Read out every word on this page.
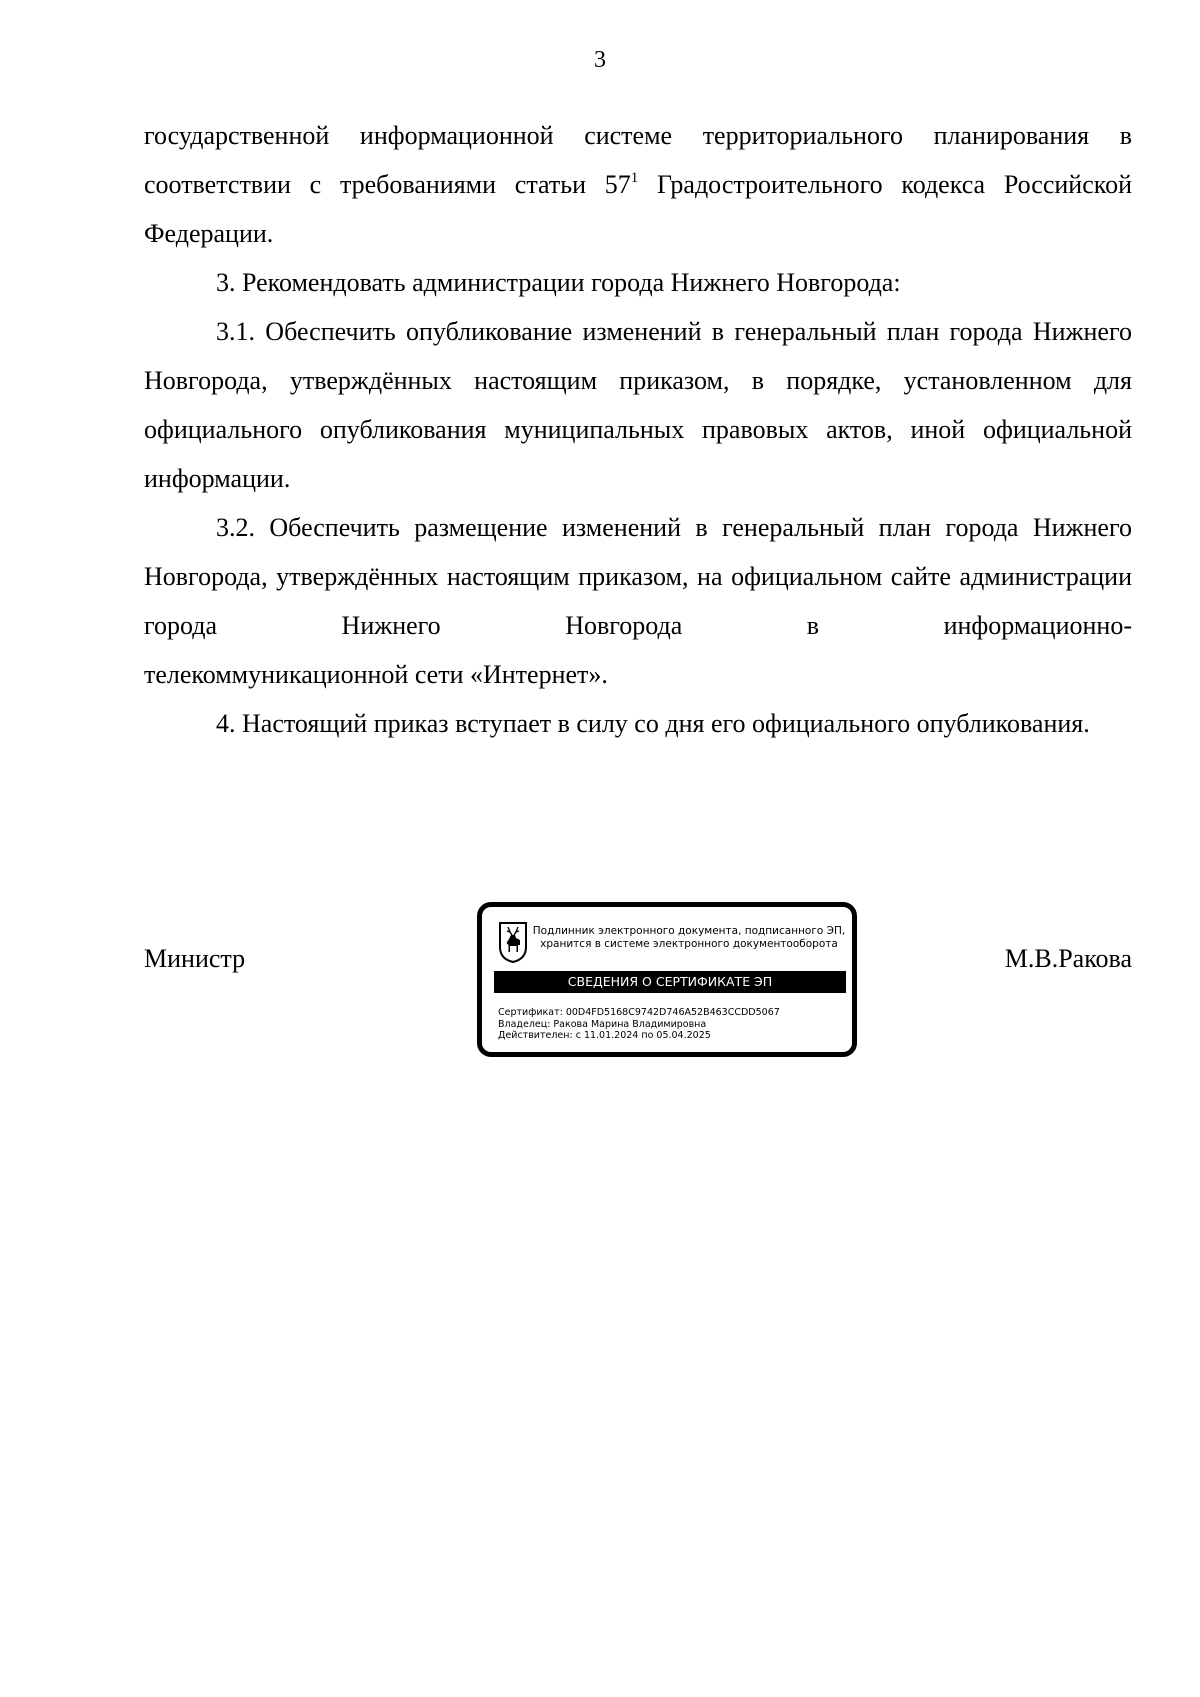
3

государственной информационной системе территориального планирования в соответствии с требованиями статьи $57^1$ Градостроительного кодекса Российской Федерации.

3. Рекомендовать администрации города Нижнего Новгорода:

3.1. Обеспечить опубликование изменений в генеральный план города Нижнего Новгорода, утверждённых настоящим приказом, в порядке, установленном для официального опубликования муниципальных правовых актов, иной официальной информации.

3.2. Обеспечить размещение изменений в генеральный план города Нижнего Новгорода, утверждённых настоящим приказом, на официальном сайте администрации города Нижнего Новгорода в информационно-

телекоммуникационной сети «Интернет».

4. Настоящий приказ вступает в силу со дня его официального опубликования.

Министр	М.В.Ракова
Подлинник электронного документа, подписанного ЭП,
хранится в системе электронного документооборота
СВЕДЕНИЯ О СЕРТИФИКАТЕ ЭП
Сертификат: 00D4FD5168C9742D746A52B463CCDD5067
Владелец: Ракова Марина Владимировна
Действителен: с 11.01.2024 по 05.04.2025
